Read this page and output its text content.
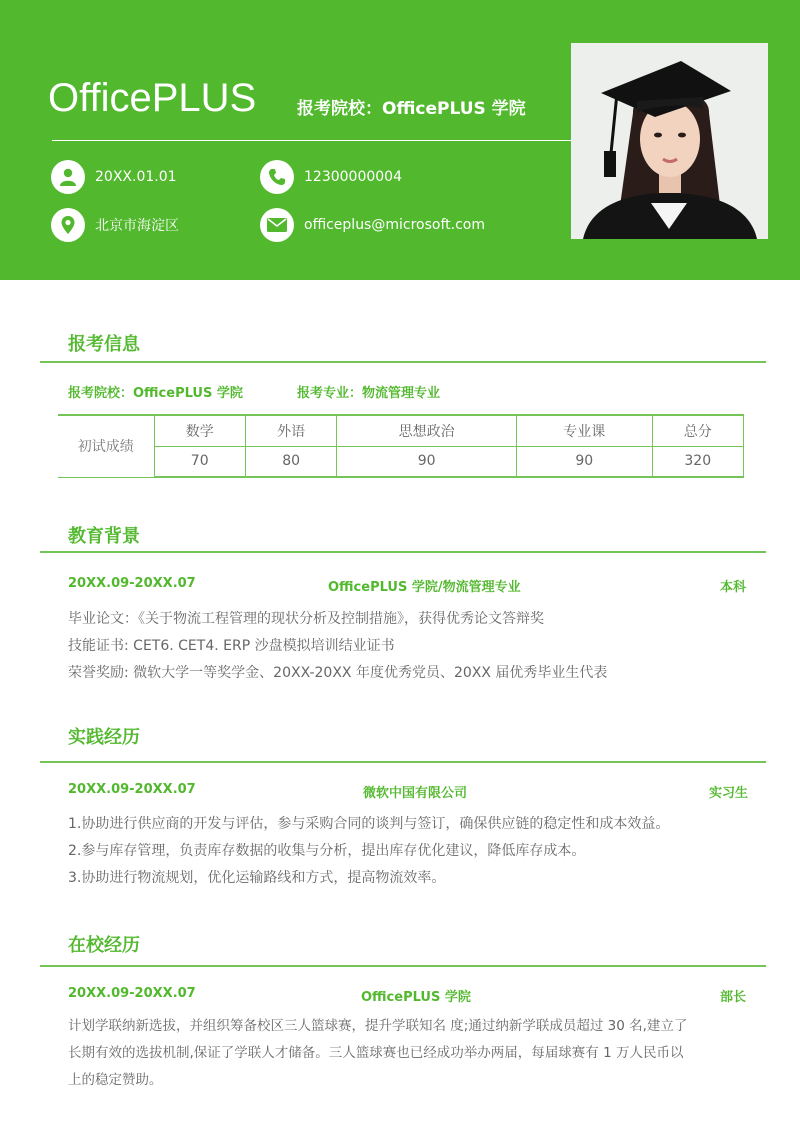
OfficePLUS 报考院校：OfficePLUS 学院
20XX.01.01	12300000004
北京市海淀区	officeplus@microsoft.com
报考信息
报考院校：OfficePLUS 学院	报考专业：物流管理专业
初试成绩	数学	外语	思想政治	专业课	总分
	70	80	90	90	320
教育背景
20XX.09-20XX.07	OfficePLUS 学院/物流管理专业	本科
毕业论文：《关于物流工程管理的现状分析及控制措施》，获得优秀论文答辩奖
技能证书: CET6. CET4. ERP 沙盘模拟培训结业证书
荣誉奖励: 微软大学一等奖学金、20XX-20XX 年度优秀党员、20XX 届优秀毕业生代表
实践经历
20XX.09-20XX.07	微软中国有限公司	实习生
1.协助进行供应商的开发与评估，参与采购合同的谈判与签订，确保供应链的稳定性和成本效益。
2.参与库存管理，负责库存数据的收集与分析，提出库存优化建议，降低库存成本。
3.协助进行物流规划，优化运输路线和方式，提高物流效率。
在校经历
20XX.09-20XX.07	OfficePLUS 学院	部长
计划学联纳新选拔，并组织筹备校区三人篮球赛，提升学联知名 度;通过纳新学联成员超过 30 名,建立了
长期有效的选拔机制,保证了学联人才储备。三人篮球赛也已经成功举办两届，每届球赛有 1 万人民币以
上的稳定赞助。
